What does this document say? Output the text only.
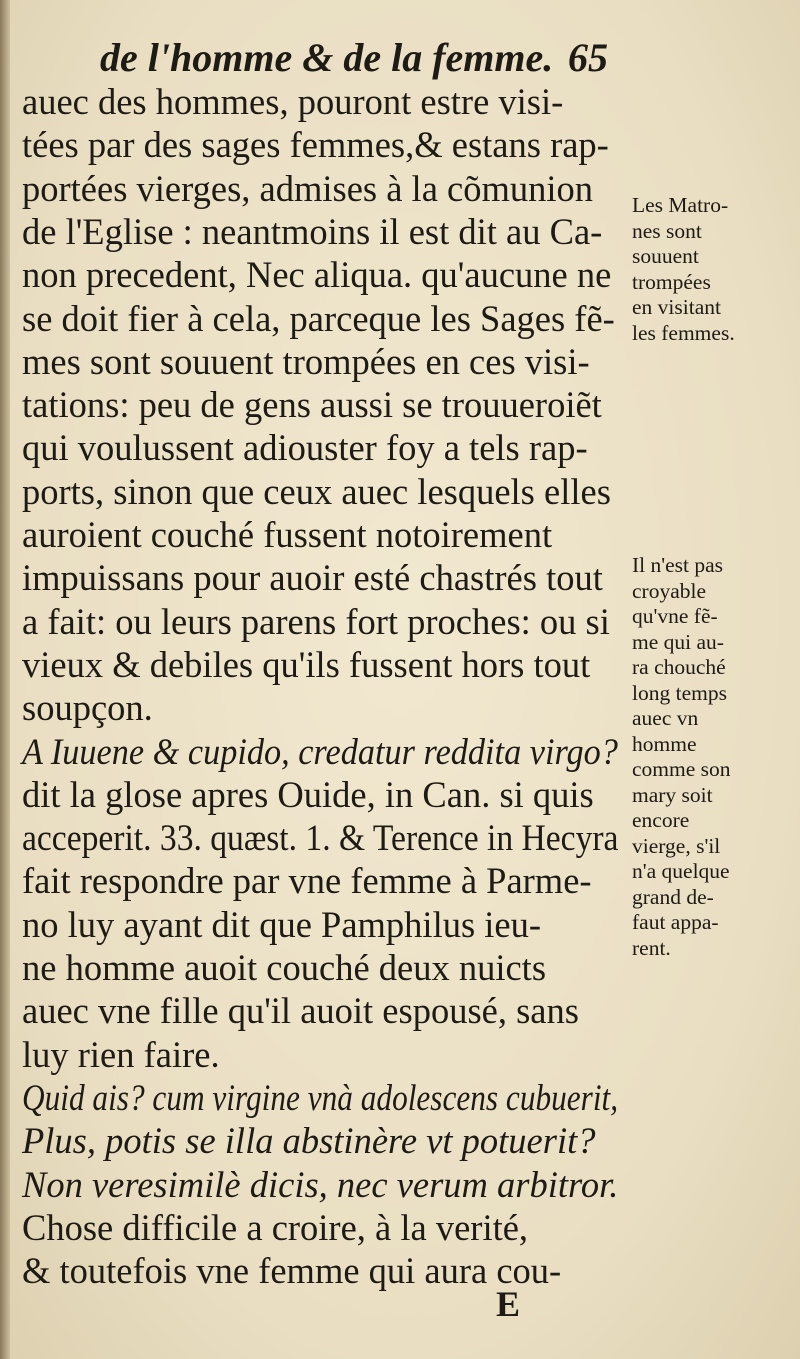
de l'homme & de la femme. 65
auec des hommes, pouront estre visi-
tées par des sages femmes,& estans rap-
portées vierges, admises à la cõmunion
de l'Eglise : neantmoins il est dit au Ca-
non precedent, Nec aliqua. qu'aucune ne
se doit fier à cela, parceque les Sages fẽ-
mes sont souuent trompées en ces visi-
tations: peu de gens aussi se trouueroiẽt
qui voulussent adiouster foy a tels rap-
ports, sinon que ceux auec lesquels elles
auroient couché fussent notoirement
impuissans pour auoir esté chastrés tout
a fait: ou leurs parens fort proches: ou si
vieux & debiles qu'ils fussent hors tout
soupçon.
A Iuuene & cupido, credatur reddita virgo?
dit la glose apres Ouide, in Can. si quis
acceperit. 33. quæst. 1. & Terence in Hecyra
fait respondre par vne femme à Parme-
no luy ayant dit que Pamphilus ieu-
ne homme auoit couché deux nuicts
auec vne fille qu'il auoit espousé, sans
luy rien faire.
Quid ais? cum virgine vnà adolescens cubuerit,
Plus, potis se illa abstinère vt potuerit?
Non veresimilè dicis, nec verum arbitror.
Chose difficile a croire, à la verité,
& toutefois vne femme qui aura cou-
Les Matro-
nes sont
souuent
trompées
en visitant
les femmes.
Il n'est pas
croyable
qu'vne fẽ-
me qui au-
ra chouché
long temps
auec vn
homme
comme son
mary soit
encore
vierge, s'il
n'a quelque
grand de-
faut appa-
rent.
E
